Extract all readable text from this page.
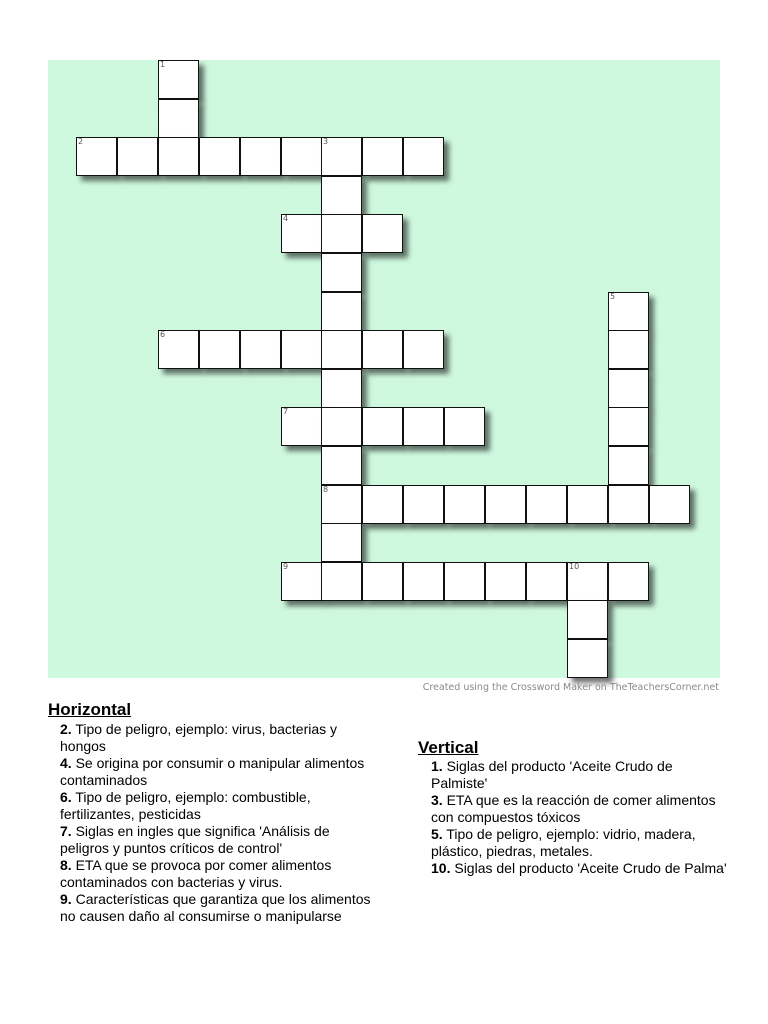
1
2	3
4
5
6
7
8
9	10
Created using the Crossword Maker on TheTeachersCorner.net
Horizontal
2. Tipo de peligro, ejemplo: virus, bacterias y hongos
4. Se origina por consumir o manipular alimentos contaminados
6. Tipo de peligro, ejemplo: combustible, fertilizantes, pesticidas
7. Siglas en ingles que significa 'Análisis de peligros y puntos críticos de control'
8. ETA que se provoca por comer alimentos contaminados con bacterias y virus.
9. Características que garantiza que los alimentos no causen daño al consumirse o manipularse
Vertical
1. Siglas del producto 'Aceite Crudo de Palmiste'
3. ETA que es la reacción de comer alimentos con compuestos tóxicos
5. Tipo de peligro, ejemplo: vidrio, madera, plástico, piedras, metales.
10. Siglas del producto 'Aceite Crudo de Palma'
